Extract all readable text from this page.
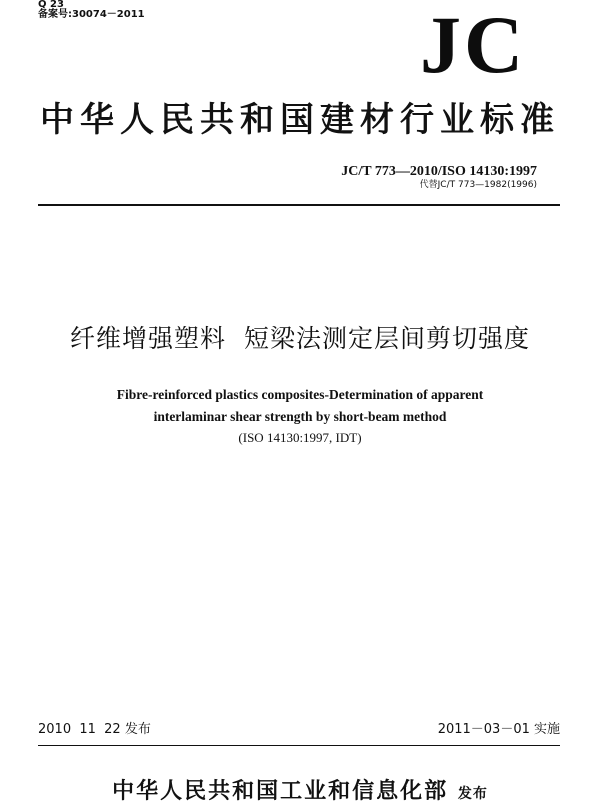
Q 23
备案号:30074－2011	JC
中华人民共和国建材行业标准
JC/T 773—2010/ISO 14130:1997
代替JC/T 773—1982(1996)
纤维增强塑料  短梁法测定层间剪切强度
Fibre-reinforced plastics composites-Determination of apparent
interlaminar shear strength by short-beam method
(ISO 14130:1997, IDT)
2010  11  22 发布	2011－03－01 实施
中华人民共和国工业和信息化部 发布
